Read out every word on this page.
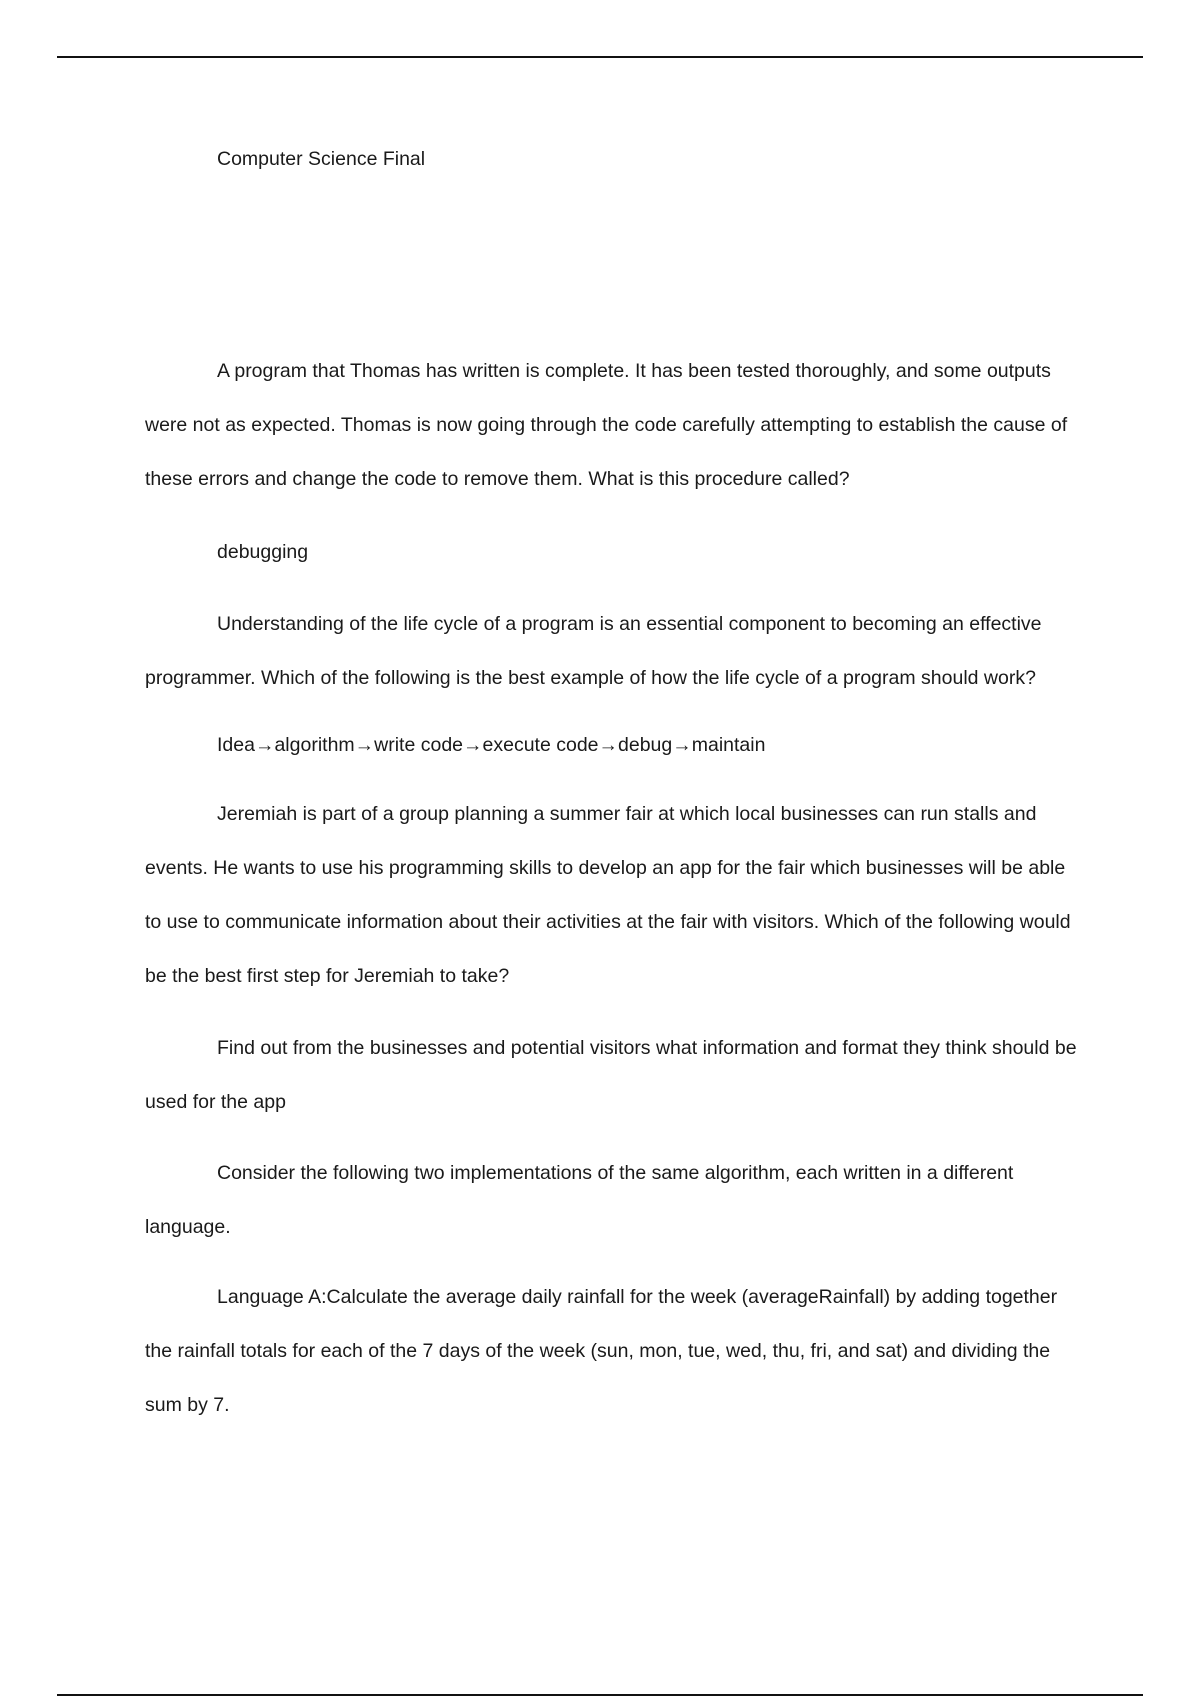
Computer Science Final

A program that Thomas has written is complete. It has been tested thoroughly, and some outputs were not as expected. Thomas is now going through the code carefully attempting to establish the cause of these errors and change the code to remove them. What is this procedure called?

debugging

Understanding of the life cycle of a program is an essential component to becoming an effective programmer. Which of the following is the best example of how the life cycle of a program should work?

Idea→algorithm→write code→execute code→debug→maintain

Jeremiah is part of a group planning a summer fair at which local businesses can run stalls and events. He wants to use his programming skills to develop an app for the fair which businesses will be able to use to communicate information about their activities at the fair with visitors. Which of the following would be the best first step for Jeremiah to take?

Find out from the businesses and potential visitors what information and format they think should be used for the app

Consider the following two implementations of the same algorithm, each written in a different language.

Language A:Calculate the average daily rainfall for the week (averageRainfall) by adding together the rainfall totals for each of the 7 days of the week (sun, mon, tue, wed, thu, fri, and sat) and dividing the sum by 7.
